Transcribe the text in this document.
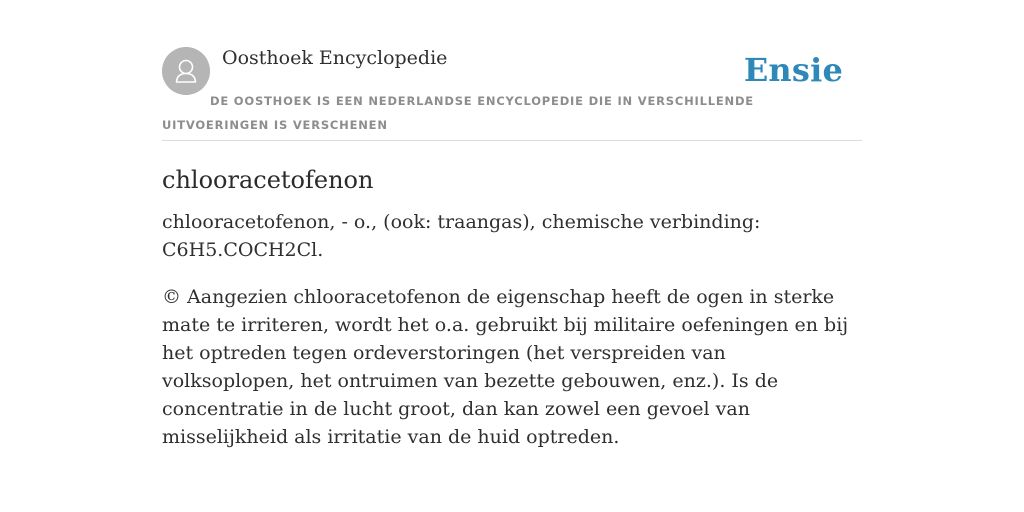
Oosthoek Encyclopedie	Ensie
DE OOSTHOEK IS EEN NEDERLANDSE ENCYCLOPEDIE DIE IN VERSCHILLENDE UITVOERINGEN IS VERSCHENEN
chlooracetofenon

chlooracetofenon, - o., (ook: traangas), chemische verbinding: C6H5.COCH2Cl.

© Aangezien chlooracetofenon de eigenschap heeft de ogen in sterke mate te irriteren, wordt het o.a. gebruikt bij militaire oefeningen en bij het optreden tegen ordeverstoringen (het verspreiden van volksoplopen, het ontruimen van bezette gebouwen, enz.). Is de concentratie in de lucht groot, dan kan zowel een gevoel van misselijkheid als irritatie van de huid optreden.
